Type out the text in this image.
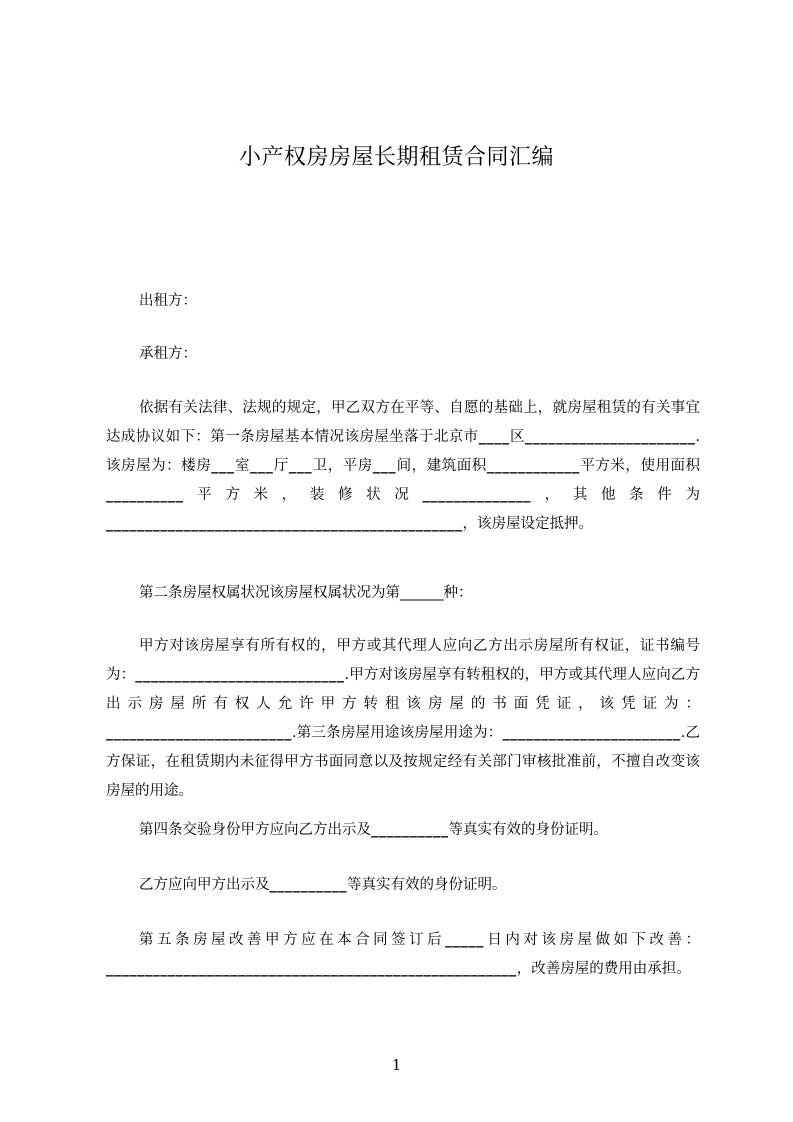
小产权房房屋长期租赁合同汇编

出租方：

承租方：

依据有关法律、法规的规定，甲乙双方在平等、自愿的基础上，就房屋租赁的有关事宜达成协议如下：第一条房屋基本情况该房屋坐落于北京市____区______________________.该房屋为：楼房___室___厅___卫，平房___间，建筑面积____________平方米，使用面积__________平方米，装修状况______________，其他条件为______________________________________________，该房屋设定抵押。

第二条房屋权属状况该房屋权属状况为第______种：

甲方对该房屋享有所有权的，甲方或其代理人应向乙方出示房屋所有权证，证书编号为：___________________________.甲方对该房屋享有转租权的，甲方或其代理人应向乙方出示房屋所有权人允许甲方转租该房屋的书面凭证，该凭证为：________________________.第三条房屋用途该房屋用途为：_______________________.乙方保证，在租赁期内未征得甲方书面同意以及按规定经有关部门审核批准前，不擅自改变该房屋的用途。

第四条交验身份甲方应向乙方出示及__________等真实有效的身份证明。

乙方应向甲方出示及__________等真实有效的身份证明。

第五条房屋改善甲方应在本合同签订后_____日内对该房屋做如下改善：_____________________________________________________，改善房屋的费用由承担。

1
